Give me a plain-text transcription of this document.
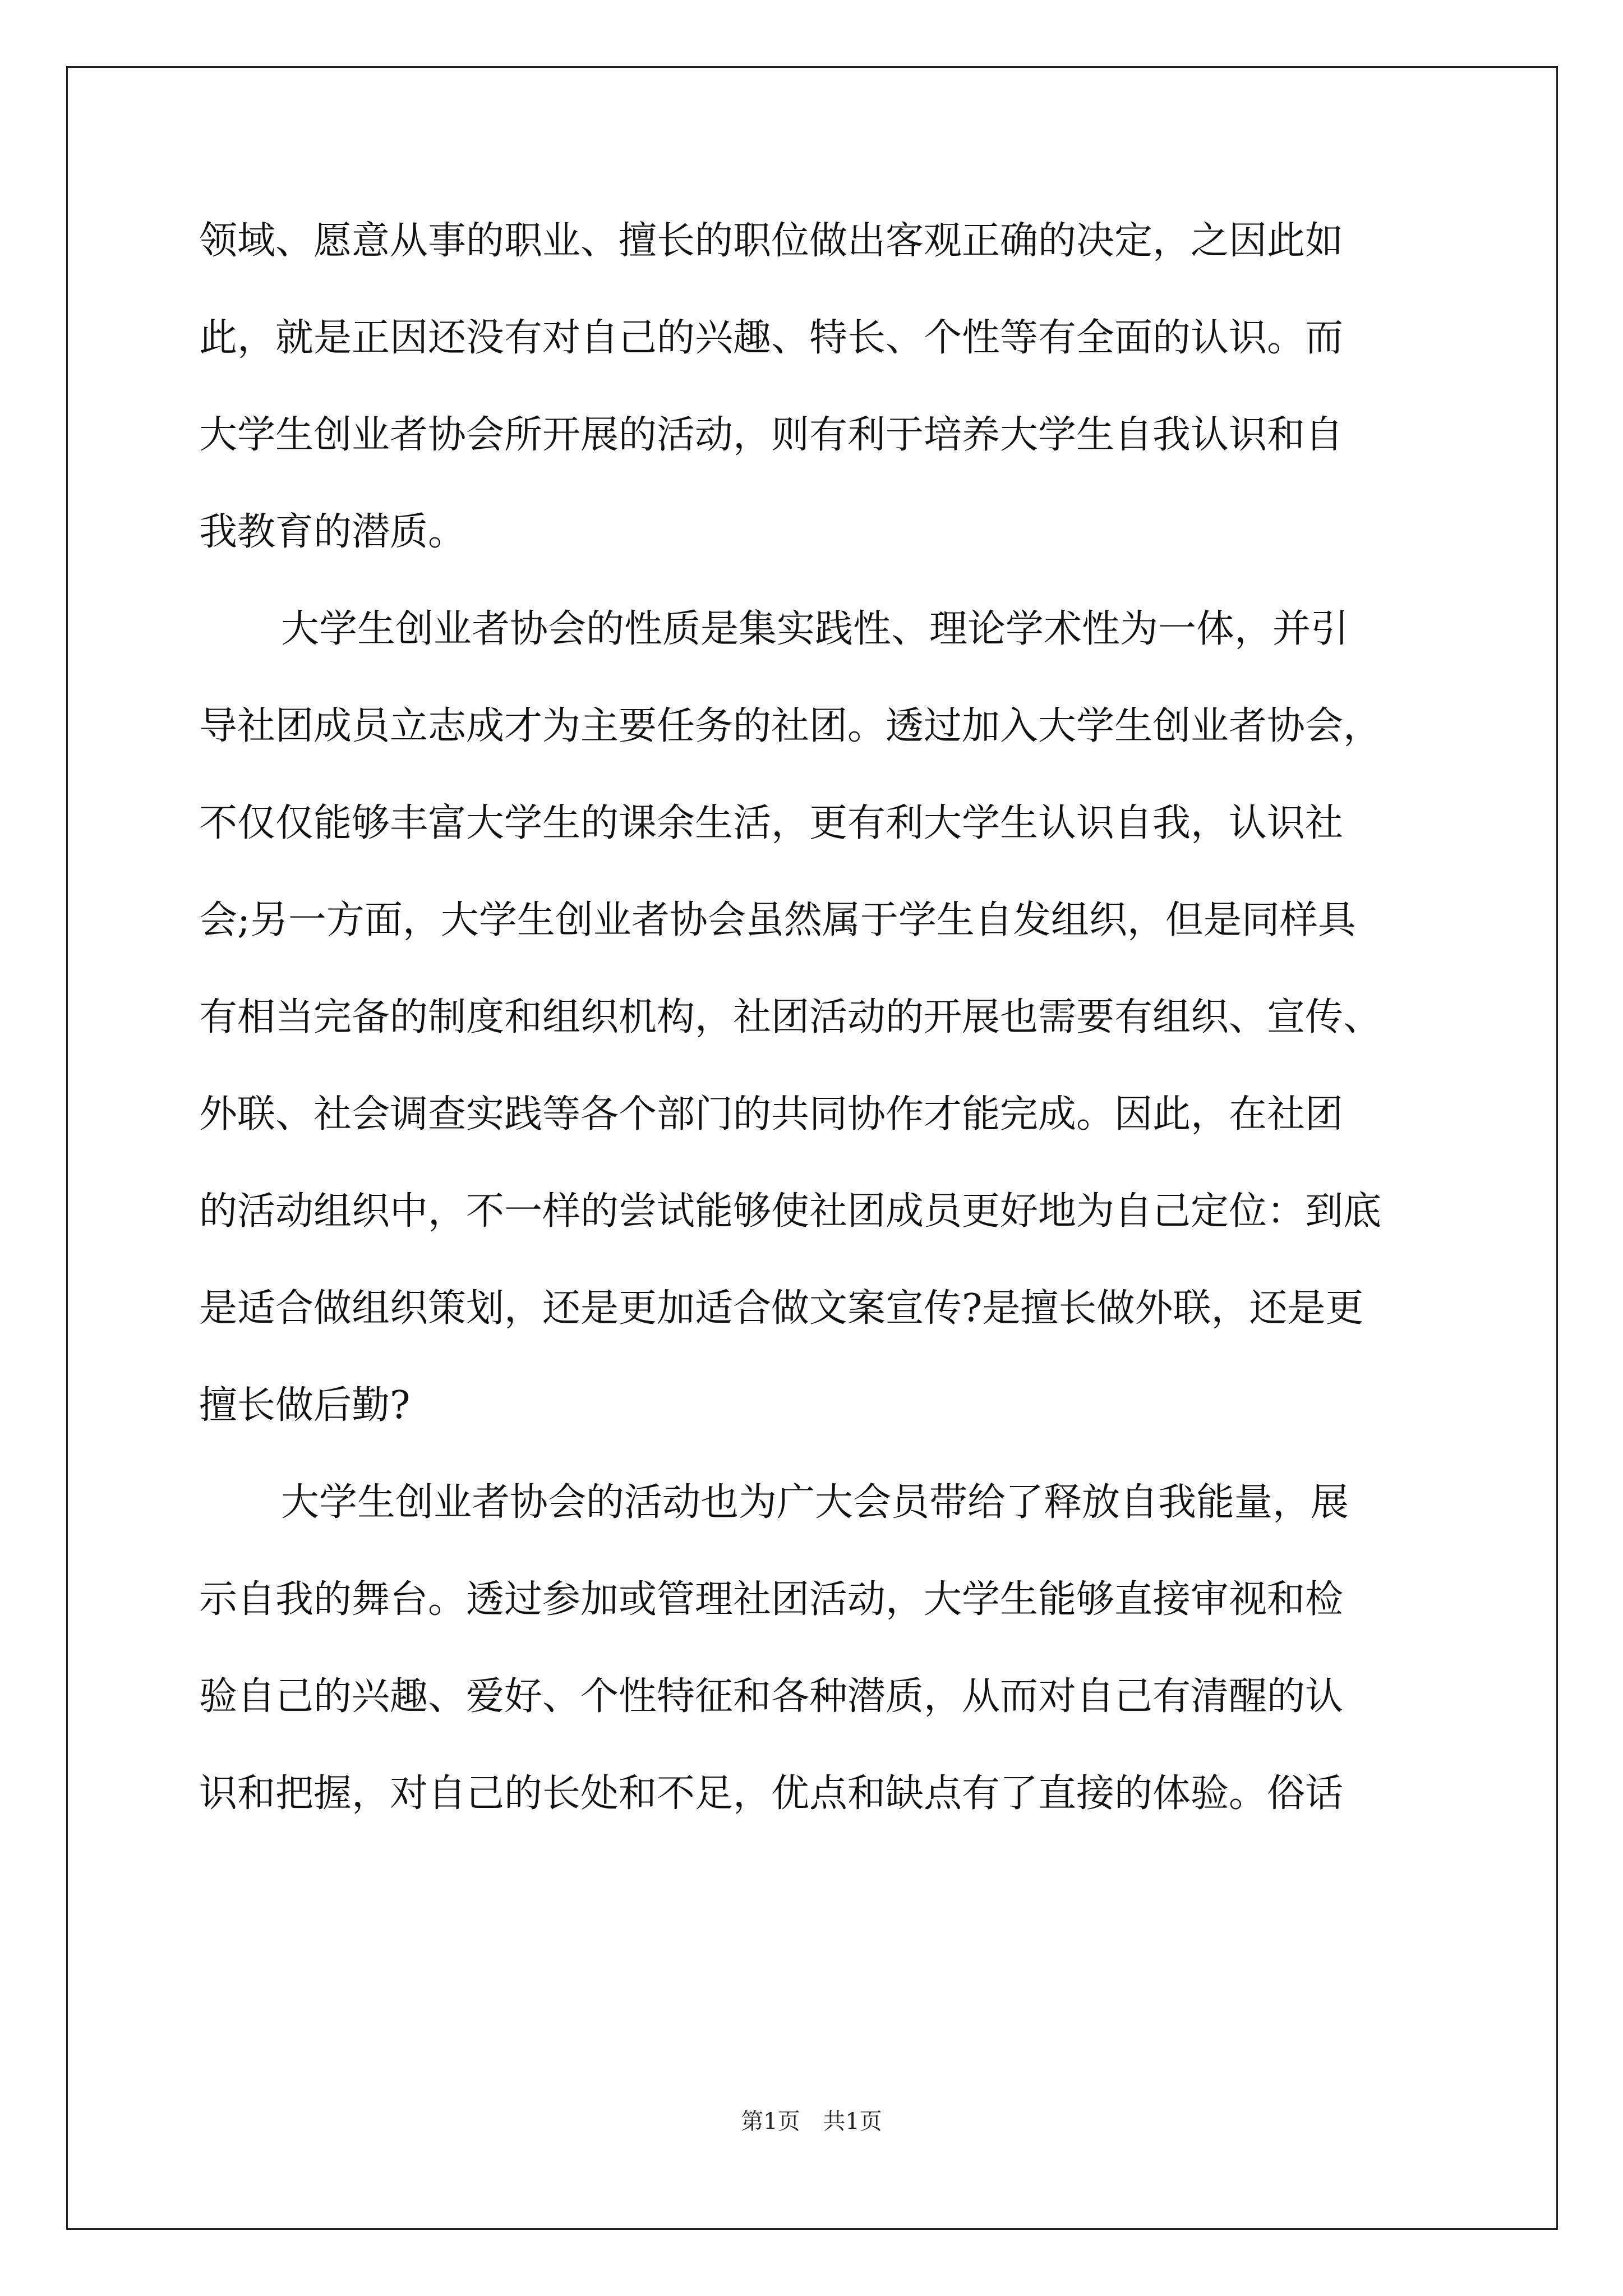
领域、愿意从事的职业、擅长的职位做出客观正确的决定，之因此如
此，就是正因还没有对自己的兴趣、特长、个性等有全面的认识。而
大学生创业者协会所开展的活动，则有利于培养大学生自我认识和自
我教育的潜质。
大学生创业者协会的性质是集实践性、理论学术性为一体，并引
导社团成员立志成才为主要任务的社团。透过加入大学生创业者协会，
不仅仅能够丰富大学生的课余生活，更有利大学生认识自我，认识社
会;另一方面，大学生创业者协会虽然属于学生自发组织，但是同样具
有相当完备的制度和组织机构，社团活动的开展也需要有组织、宣传、
外联、社会调查实践等各个部门的共同协作才能完成。因此，在社团
的活动组织中，不一样的尝试能够使社团成员更好地为自己定位：到底
是适合做组织策划，还是更加适合做文案宣传?是擅长做外联，还是更
擅长做后勤?
大学生创业者协会的活动也为广大会员带给了释放自我能量，展
示自我的舞台。透过参加或管理社团活动，大学生能够直接审视和检
验自己的兴趣、爱好、个性特征和各种潜质，从而对自己有清醒的认
识和把握，对自己的长处和不足，优点和缺点有了直接的体验。俗话
第1页 共1页
